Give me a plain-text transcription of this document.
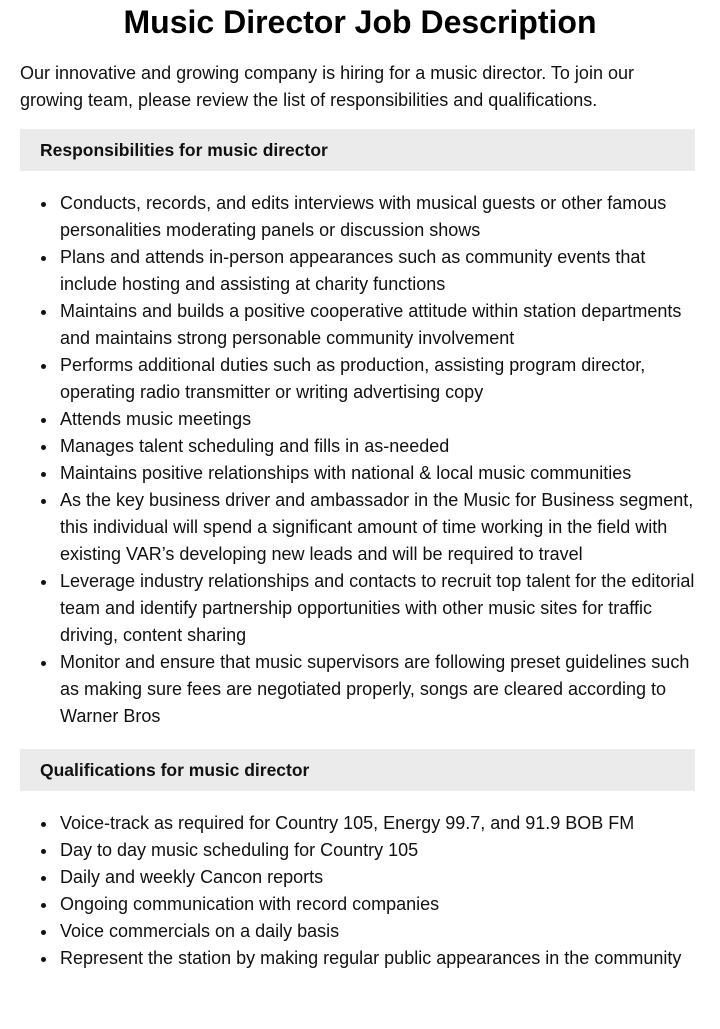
Music Director Job Description

Our innovative and growing company is hiring for a music director. To join our growing team, please review the list of responsibilities and qualifications.

Responsibilities for music director
Conducts, records, and edits interviews with musical guests or other famous personalities moderating panels or discussion shows
Plans and attends in-person appearances such as community events that include hosting and assisting at charity functions
Maintains and builds a positive cooperative attitude within station departments and maintains strong personable community involvement
Performs additional duties such as production, assisting program director, operating radio transmitter or writing advertising copy
Attends music meetings
Manages talent scheduling and fills in as-needed
Maintains positive relationships with national & local music communities
As the key business driver and ambassador in the Music for Business segment, this individual will spend a significant amount of time working in the field with existing VAR’s developing new leads and will be required to travel
Leverage industry relationships and contacts to recruit top talent for the editorial team and identify partnership opportunities with other music sites for traffic driving, content sharing
Monitor and ensure that music supervisors are following preset guidelines such as making sure fees are negotiated properly, songs are cleared according to Warner Bros
Qualifications for music director
Voice-track as required for Country 105, Energy 99.7, and 91.9 BOB FM
Day to day music scheduling for Country 105
Daily and weekly Cancon reports
Ongoing communication with record companies
Voice commercials on a daily basis
Represent the station by making regular public appearances in the community
